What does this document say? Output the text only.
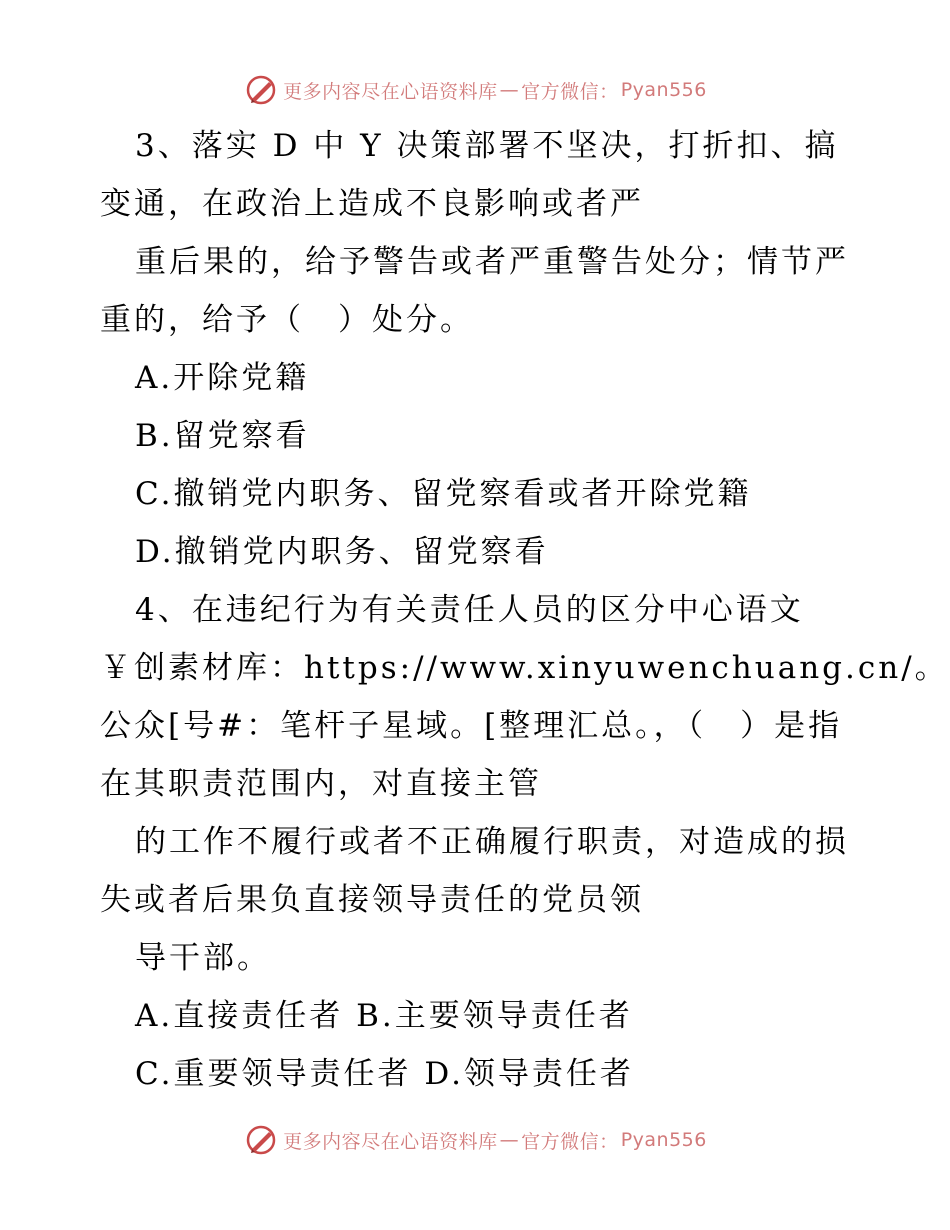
更多内容尽在心语资料库 — 官方微信： Pyan556
3、落实 D 中 Y 决策部署不坚决，打折扣、搞
变通，在政治上造成不良影响或者严
重后果的，给予警告或者严重警告处分；情节严
重的，给予（　）处分。
A.开除党籍
B.留党察看
C.撤销党内职务、留党察看或者开除党籍
D.撤销党内职务、留党察看
4、在违纪行为有关责任人员的区分中心语文
￥创素材库：https://www.xinyuwenchuang.cn/。
公众[号#：笔杆子星域。[整理汇总。，（　）是指
在其职责范围内，对直接主管
的工作不履行或者不正确履行职责，对造成的损
失或者后果负直接领导责任的党员领
导干部。
A.直接责任者 B.主要领导责任者
C.重要领导责任者 D.领导责任者
更多内容尽在心语资料库 — 官方微信： Pyan556
